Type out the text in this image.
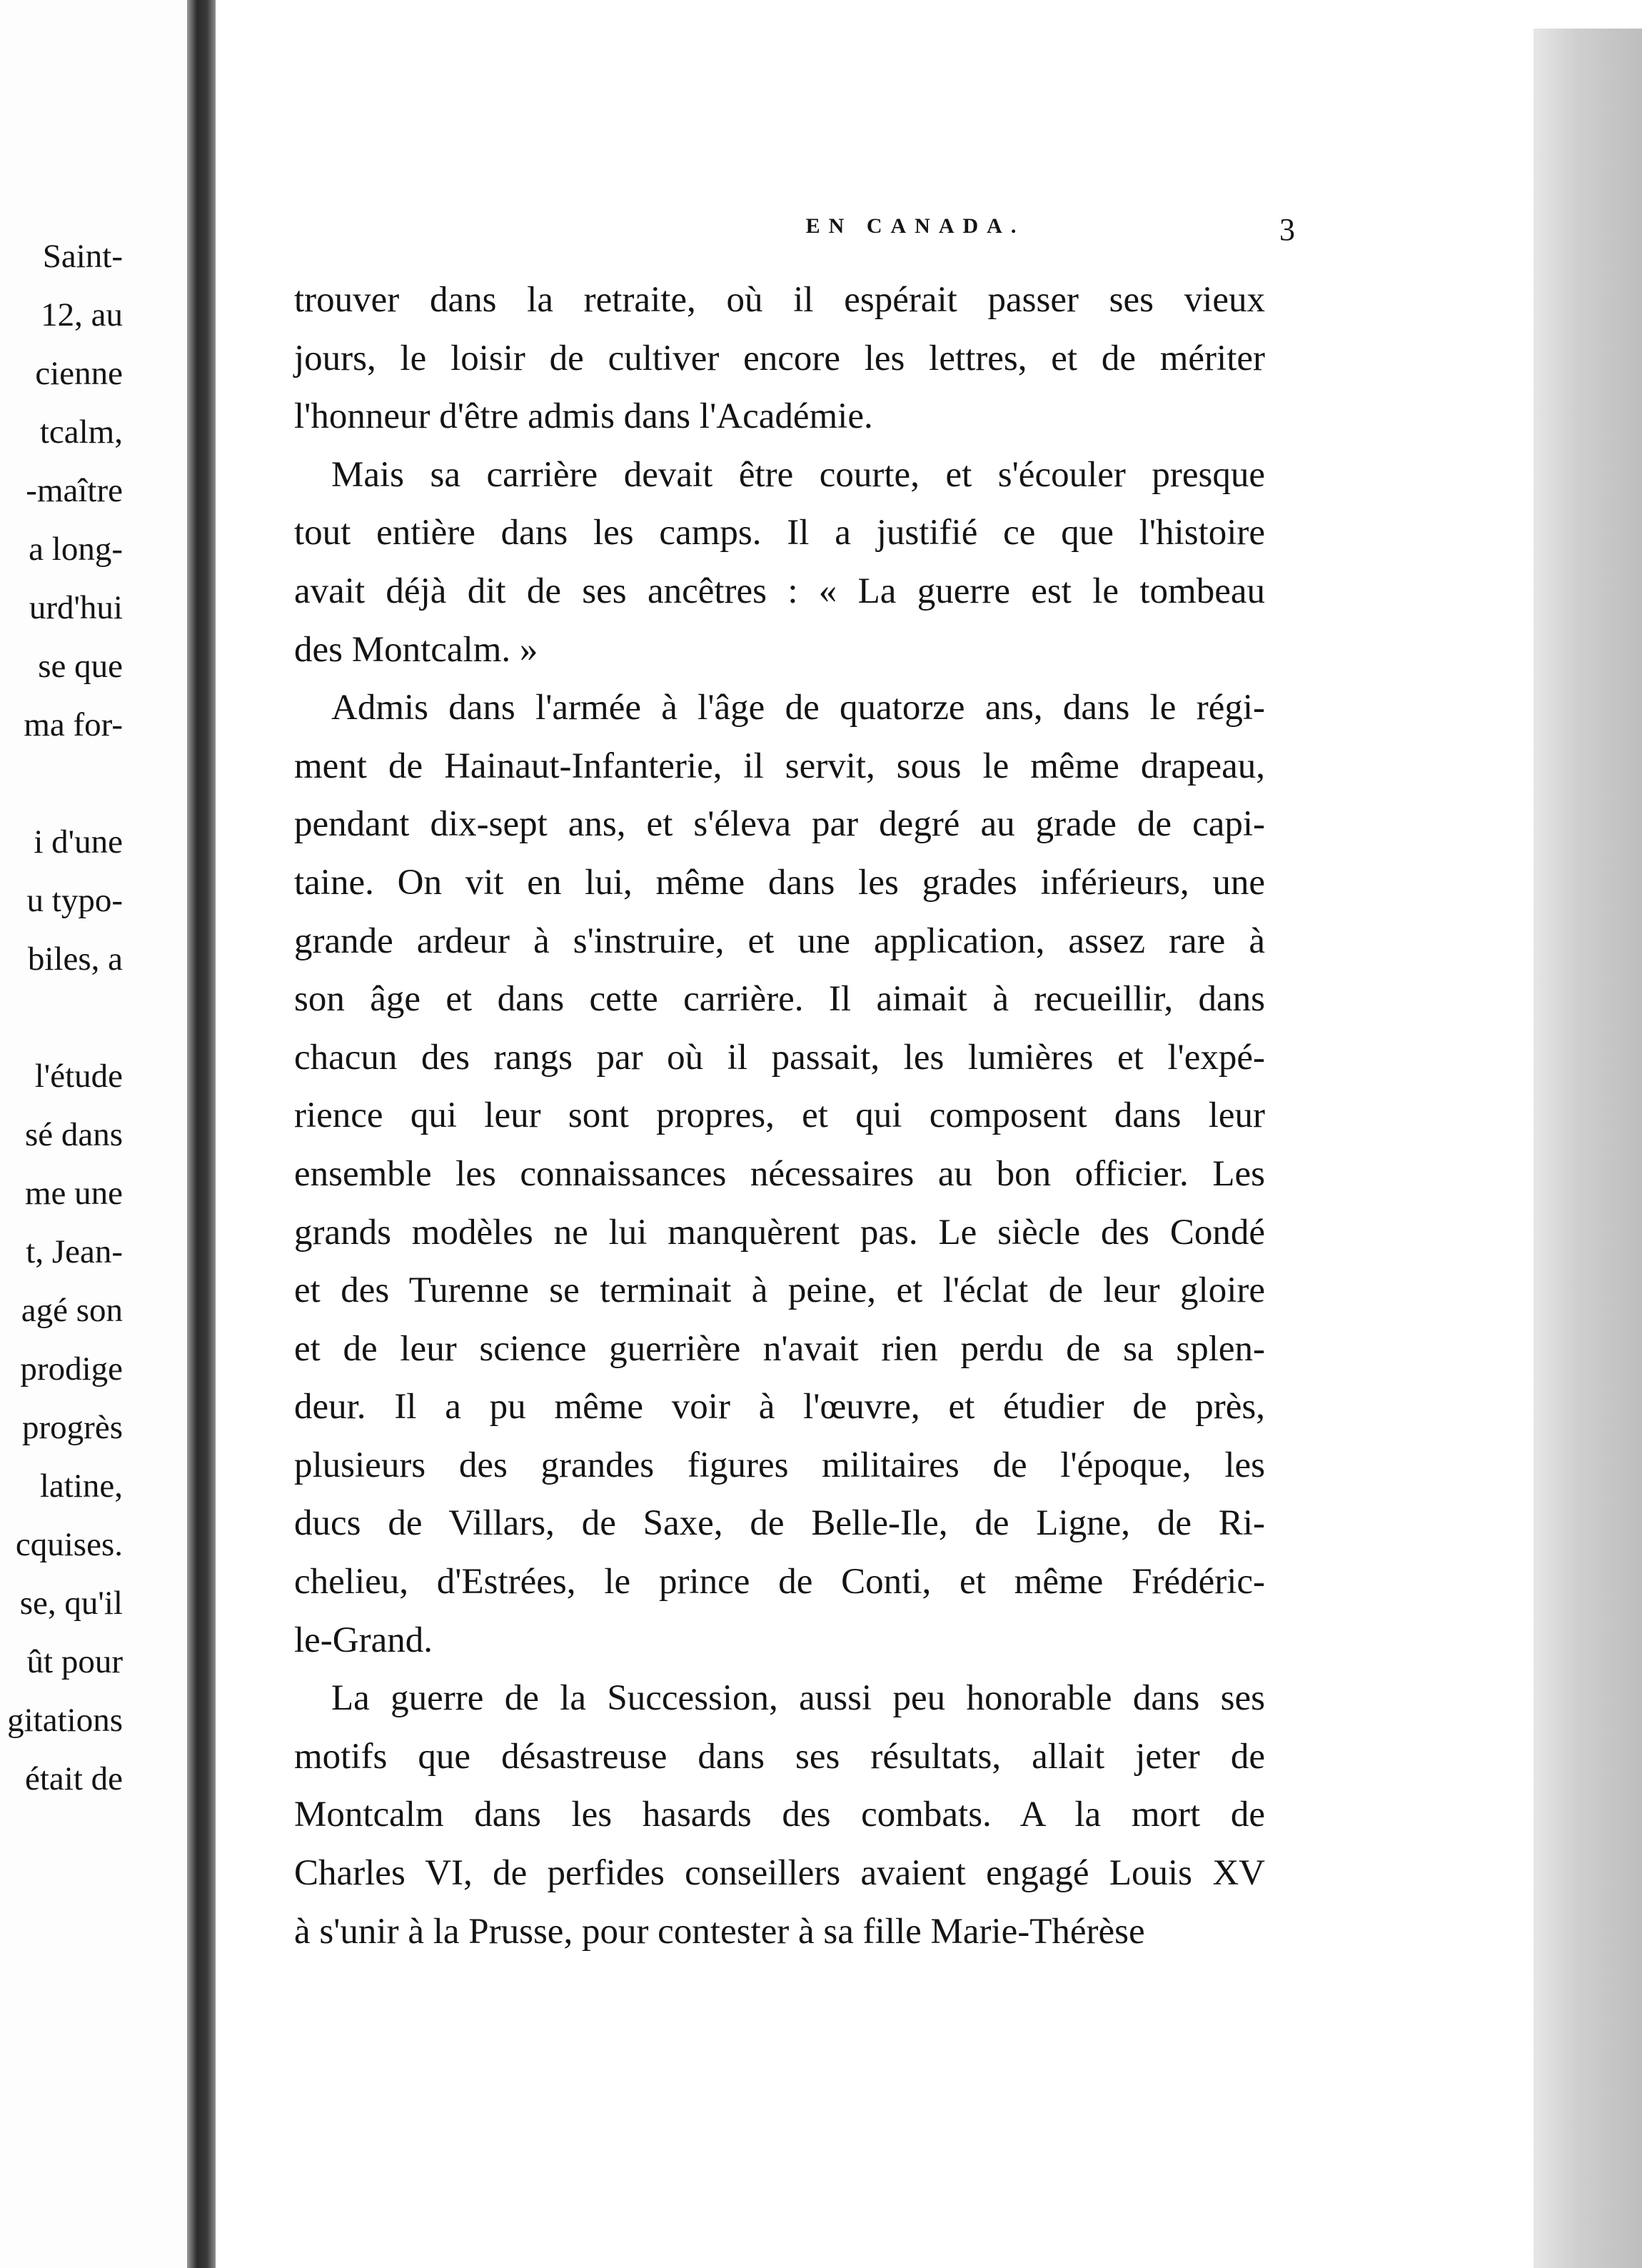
Saint-
12, au
cienne
tcalm,
-maître
a long-
urd'hui
se que
ma for-

i d'une
u typo-
biles, a

l'étude
sé dans
me une
t, Jean-
agé son
prodige
progrès
latine,
cquises.
se, qu'il
ût pour
gitations
était de
EN CANADA.	3
trouver dans la retraite, où il espérait passer ses vieux
jours, le loisir de cultiver encore les lettres, et de mériter
l'honneur d'être admis dans l'Académie.
Mais sa carrière devait être courte, et s'écouler presque
tout entière dans les camps. Il a justifié ce que l'histoire
avait déjà dit de ses ancêtres : « La guerre est le tombeau
des Montcalm. »
Admis dans l'armée à l'âge de quatorze ans, dans le régi-
ment de Hainaut-Infanterie, il servit, sous le même drapeau,
pendant dix-sept ans, et s'éleva par degré au grade de capi-
taine. On vit en lui, même dans les grades inférieurs, une
grande ardeur à s'instruire, et une application, assez rare à
son âge et dans cette carrière. Il aimait à recueillir, dans
chacun des rangs par où il passait, les lumières et l'expé-
rience qui leur sont propres, et qui composent dans leur
ensemble les connaissances nécessaires au bon officier. Les
grands modèles ne lui manquèrent pas. Le siècle des Condé
et des Turenne se terminait à peine, et l'éclat de leur gloire
et de leur science guerrière n'avait rien perdu de sa splen-
deur. Il a pu même voir à l'œuvre, et étudier de près,
plusieurs des grandes figures militaires de l'époque, les
ducs de Villars, de Saxe, de Belle-Ile, de Ligne, de Ri-
chelieu, d'Estrées, le prince de Conti, et même Frédéric-
le-Grand.
La guerre de la Succession, aussi peu honorable dans ses
motifs que désastreuse dans ses résultats, allait jeter de
Montcalm dans les hasards des combats. A la mort de
Charles VI, de perfides conseillers avaient engagé Louis XV
à s'unir à la Prusse, pour contester à sa fille Marie-Thérèse
